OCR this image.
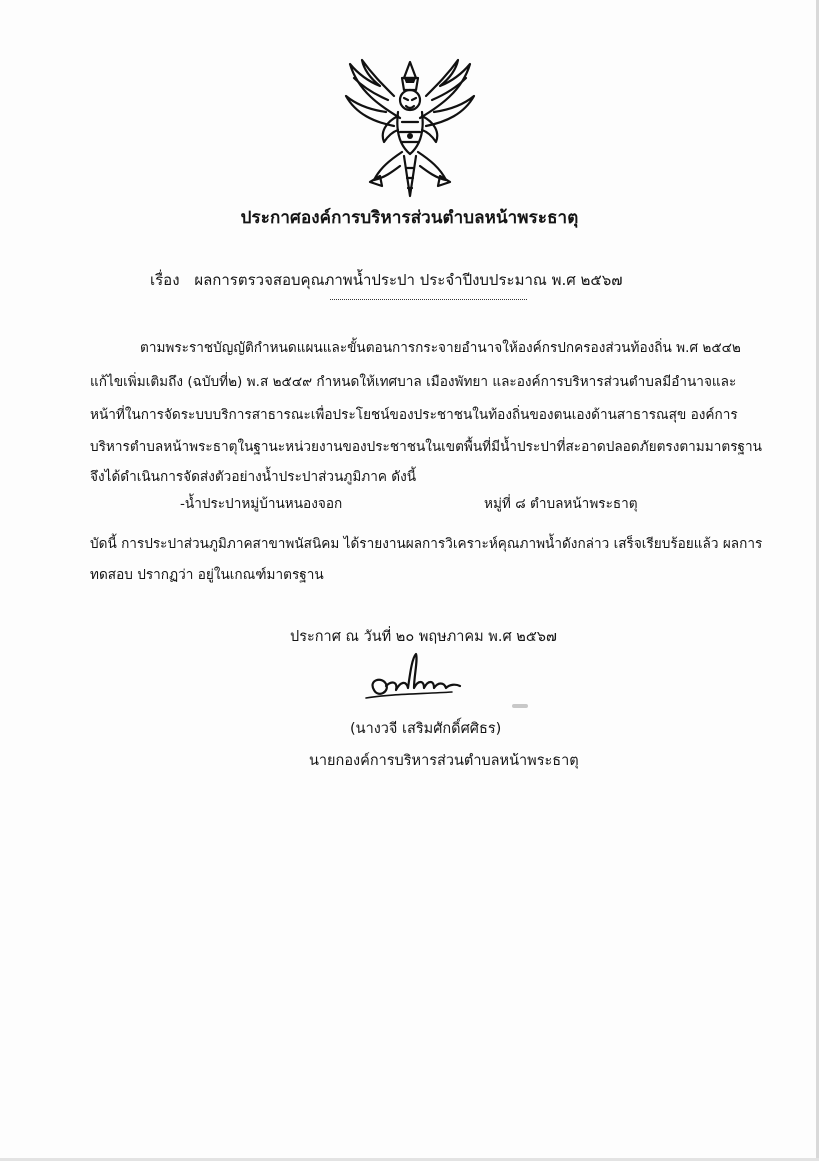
ประกาศองค์การบริหารส่วนตำบลหน้าพระธาตุ
เรื่อง ผลการตรวจสอบคุณภาพน้ำประปา ประจำปีงบประมาณ พ.ศ ๒๕๖๗
ตามพระราชบัญญัติกำหนดแผนและขั้นตอนการกระจายอำนาจให้องค์กรปกครองส่วนท้องถิ่น พ.ศ ๒๕๔๒
แก้ไขเพิ่มเติมถึง (ฉบับที่๒) พ.ส ๒๕๔๙ กำหนดให้เทศบาล เมืองพัทยา และองค์การบริหารส่วนตำบลมีอำนาจและ
หน้าที่ในการจัดระบบบริการสาธารณะเพื่อประโยชน์ของประชาชนในท้องถิ่นของตนเองด้านสาธารณสุข องค์การ
บริหารตำบลหน้าพระธาตุในฐานะหน่วยงานของประชาชนในเขตพื้นที่มีน้ำประปาที่สะอาดปลอดภัยตรงตามมาตรฐาน
จึงได้ดำเนินการจัดส่งตัวอย่างน้ำประปาส่วนภูมิภาค ดังนี้
-น้ำประปาหมู่บ้านหนองจอก	หมู่ที่ ๘ ตำบลหน้าพระธาตุ
บัดนี้ การประปาส่วนภูมิภาคสาขาพนัสนิคม ได้รายงานผลการวิเคราะห์คุณภาพน้ำดังกล่าว เสร็จเรียบร้อยแล้ว ผลการ
ทดสอบ ปรากฏว่า อยู่ในเกณฑ์มาตรฐาน
ประกาศ ณ วันที่ ๒๐ พฤษภาคม พ.ศ ๒๕๖๗
(นางวจี เสริมศักดิ์ศศิธร)
นายกองค์การบริหารส่วนตำบลหน้าพระธาตุ
